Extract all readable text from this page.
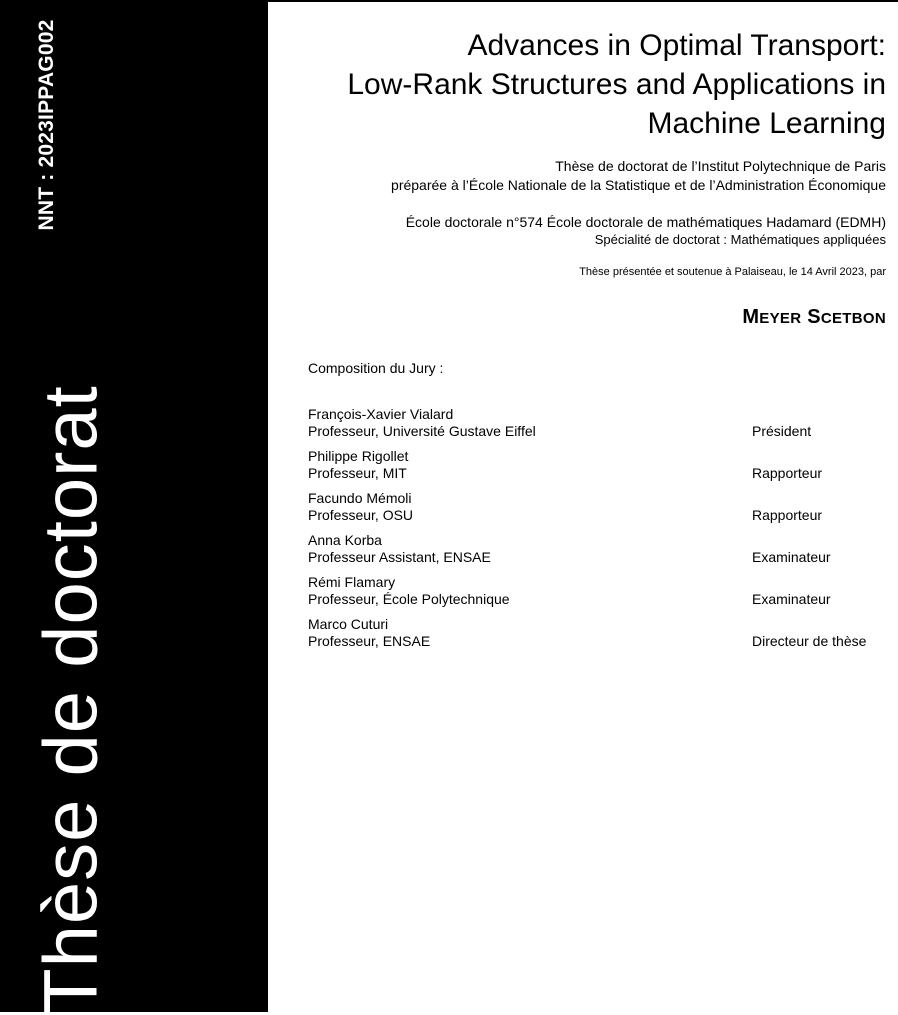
NNT : 2023IPPAG002
Thèse de doctorat
Advances in Optimal Transport:
Low-Rank Structures and Applications in
Machine Learning
Thèse de doctorat de l’Institut Polytechnique de Paris
préparée à l’École Nationale de la Statistique et de l’Administration Économique
École doctorale n°574 École doctorale de mathématiques Hadamard (EDMH)
Spécialité de doctorat : Mathématiques appliquées
Thèse présentée et soutenue à Palaiseau, le 14 Avril 2023, par
MEYER SCETBON
Composition du Jury :
François-Xavier Vialard
Professeur, Université Gustave Eiffel	Président
Philippe Rigollet
Professeur, MIT	Rapporteur
Facundo Mémoli
Professeur, OSU	Rapporteur
Anna Korba
Professeur Assistant, ENSAE	Examinateur
Rémi Flamary
Professeur, École Polytechnique	Examinateur
Marco Cuturi
Professeur, ENSAE	Directeur de thèse
